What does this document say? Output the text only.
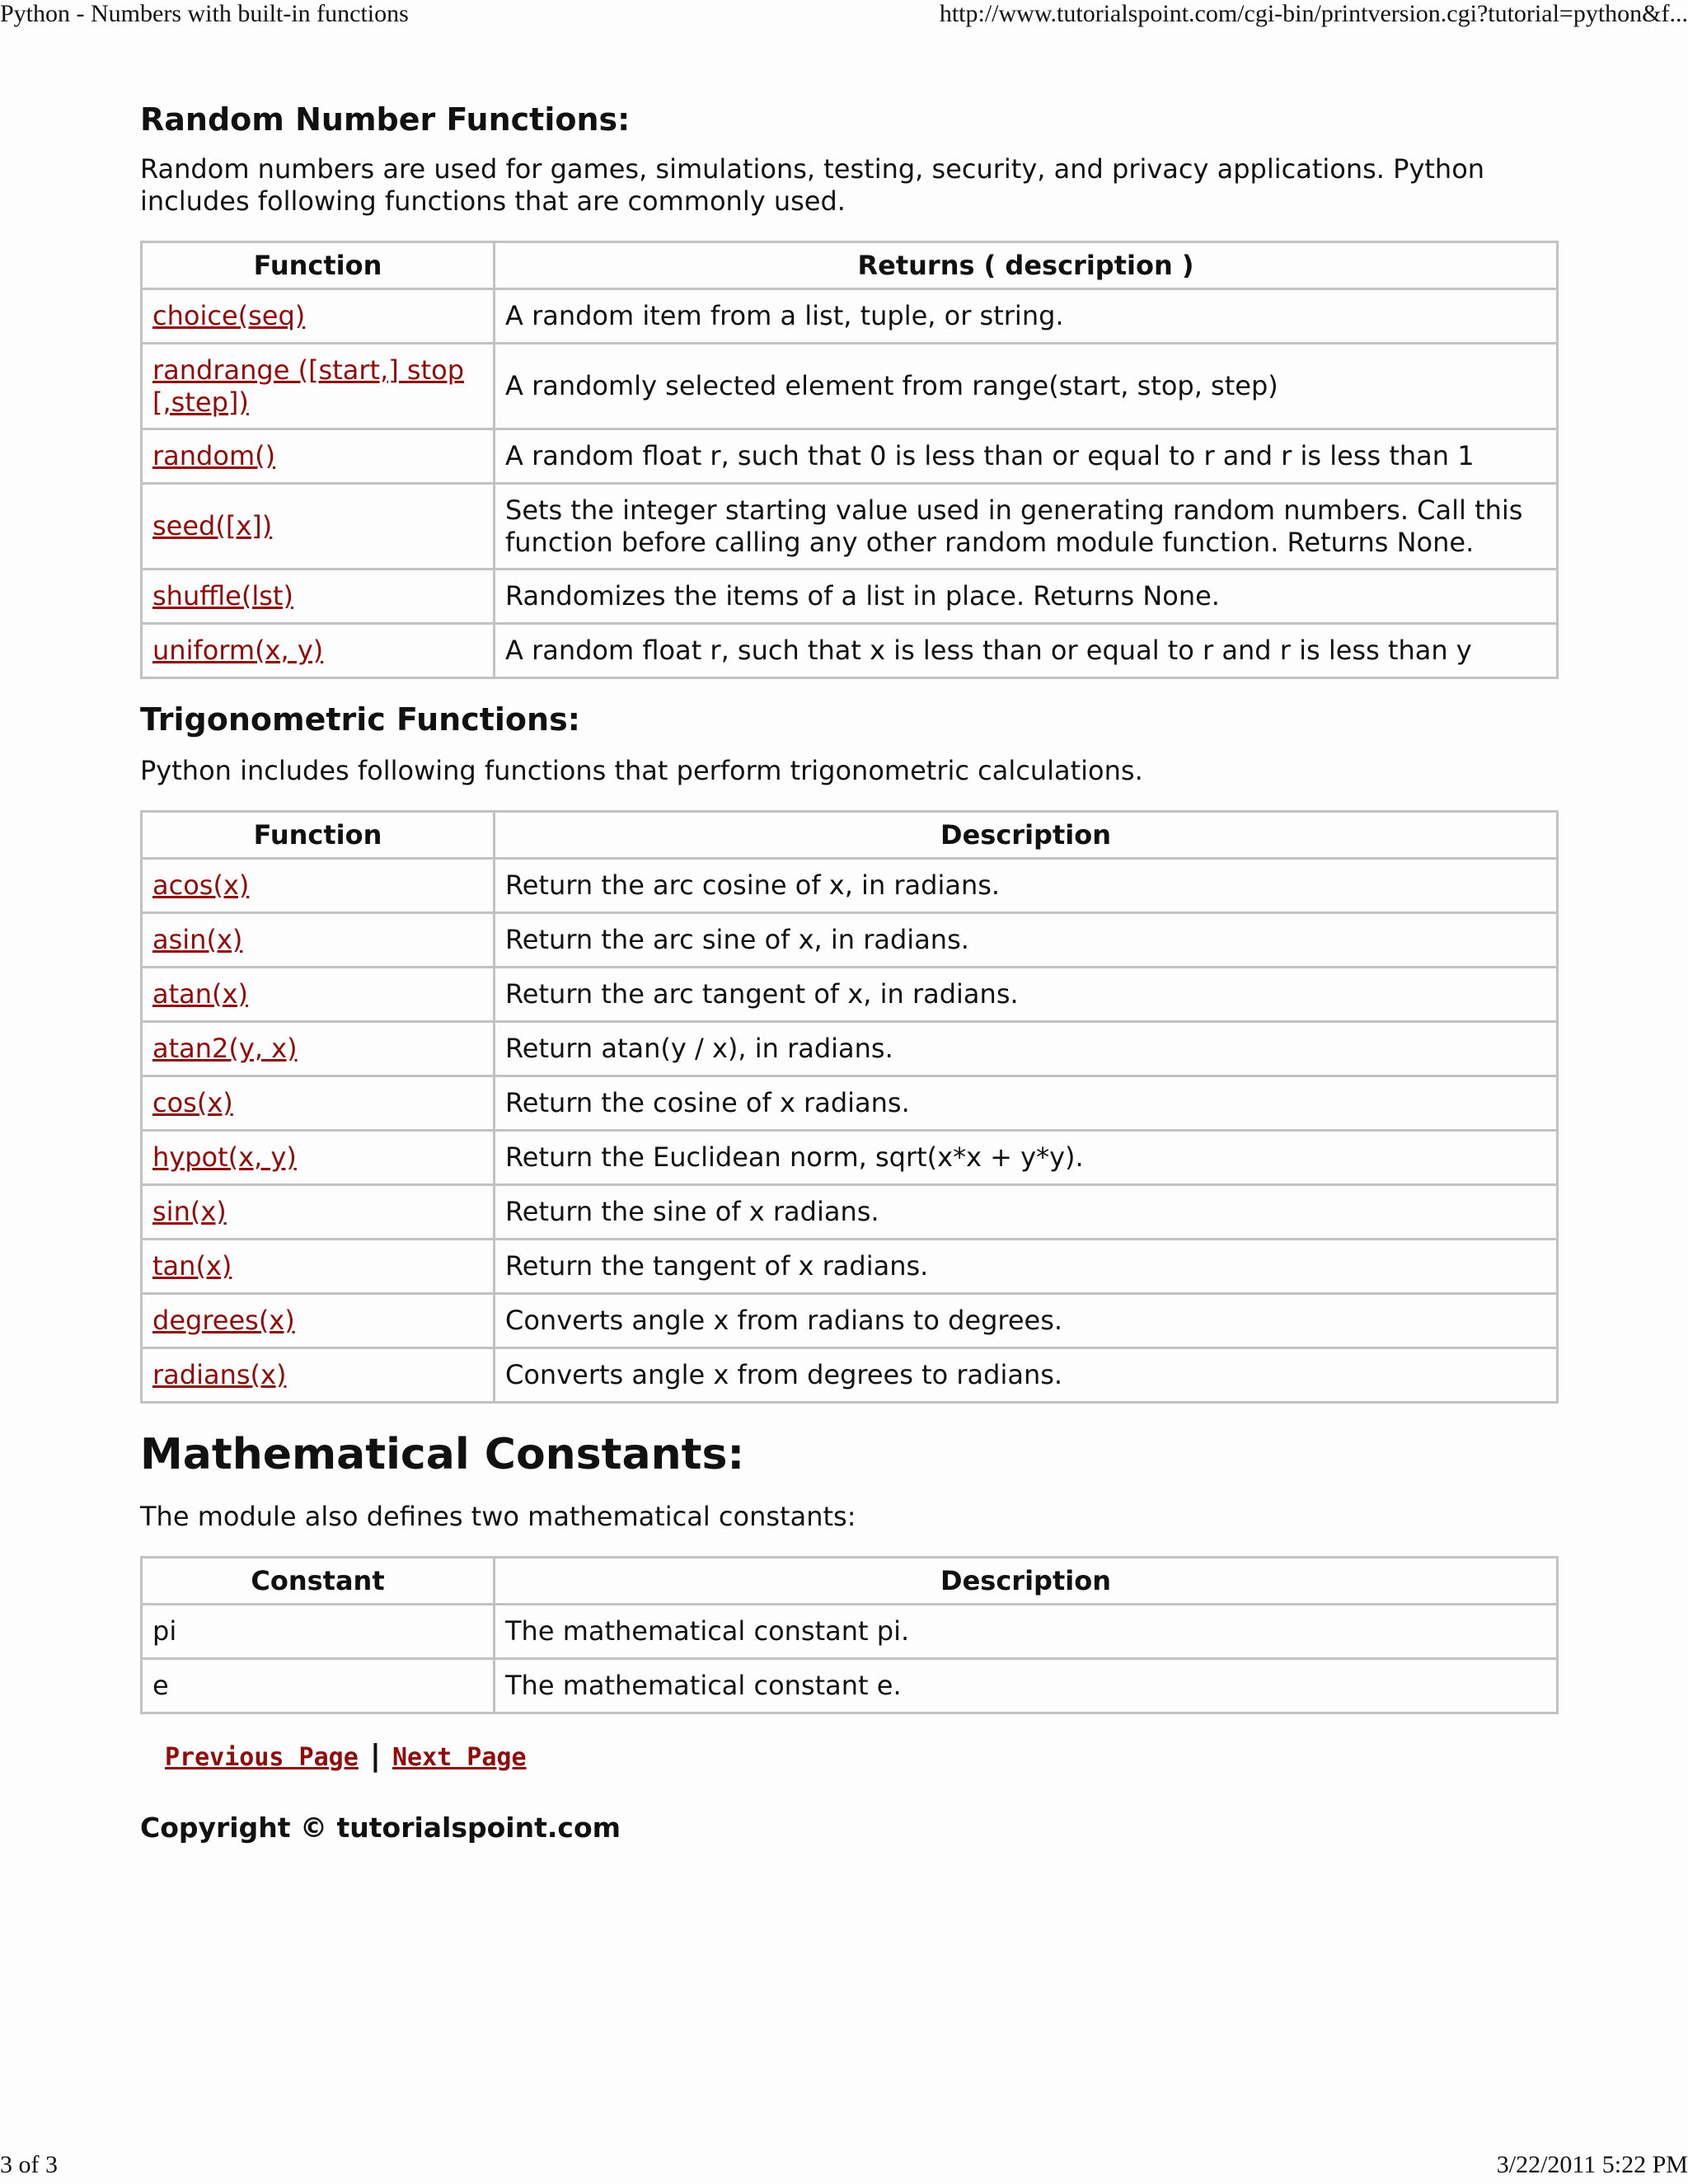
Python - Numbers with built-in functions	http://www.tutorialspoint.com/cgi-bin/printversion.cgi?tutorial=python&f...
Random Number Functions:

Random numbers are used for games, simulations, testing, security, and privacy applications. Python includes following functions that are commonly used.

Function	Returns ( description )
choice(seq)	A random item from a list, tuple, or string.
randrange ([start,] stop [,step])	A randomly selected element from range(start, stop, step)
random()	A random float r, such that 0 is less than or equal to r and r is less than 1
seed([x])	Sets the integer starting value used in generating random numbers. Call this function before calling any other random module function. Returns None.
shuffle(lst)	Randomizes the items of a list in place. Returns None.
uniform(x, y)	A random float r, such that x is less than or equal to r and r is less than y
Trigonometric Functions:

Python includes following functions that perform trigonometric calculations.

Function	Description
acos(x)	Return the arc cosine of x, in radians.
asin(x)	Return the arc sine of x, in radians.
atan(x)	Return the arc tangent of x, in radians.
atan2(y, x)	Return atan(y / x), in radians.
cos(x)	Return the cosine of x radians.
hypot(x, y)	Return the Euclidean norm, sqrt(x*x + y*y).
sin(x)	Return the sine of x radians.
tan(x)	Return the tangent of x radians.
degrees(x)	Converts angle x from radians to degrees.
radians(x)	Converts angle x from degrees to radians.
Mathematical Constants:

The module also defines two mathematical constants:

Constant	Description
pi	The mathematical constant pi.
e	The mathematical constant e.
Previous Page | Next Page
Copyright © tutorialspoint.com
3 of 3	3/22/2011 5:22 PM
